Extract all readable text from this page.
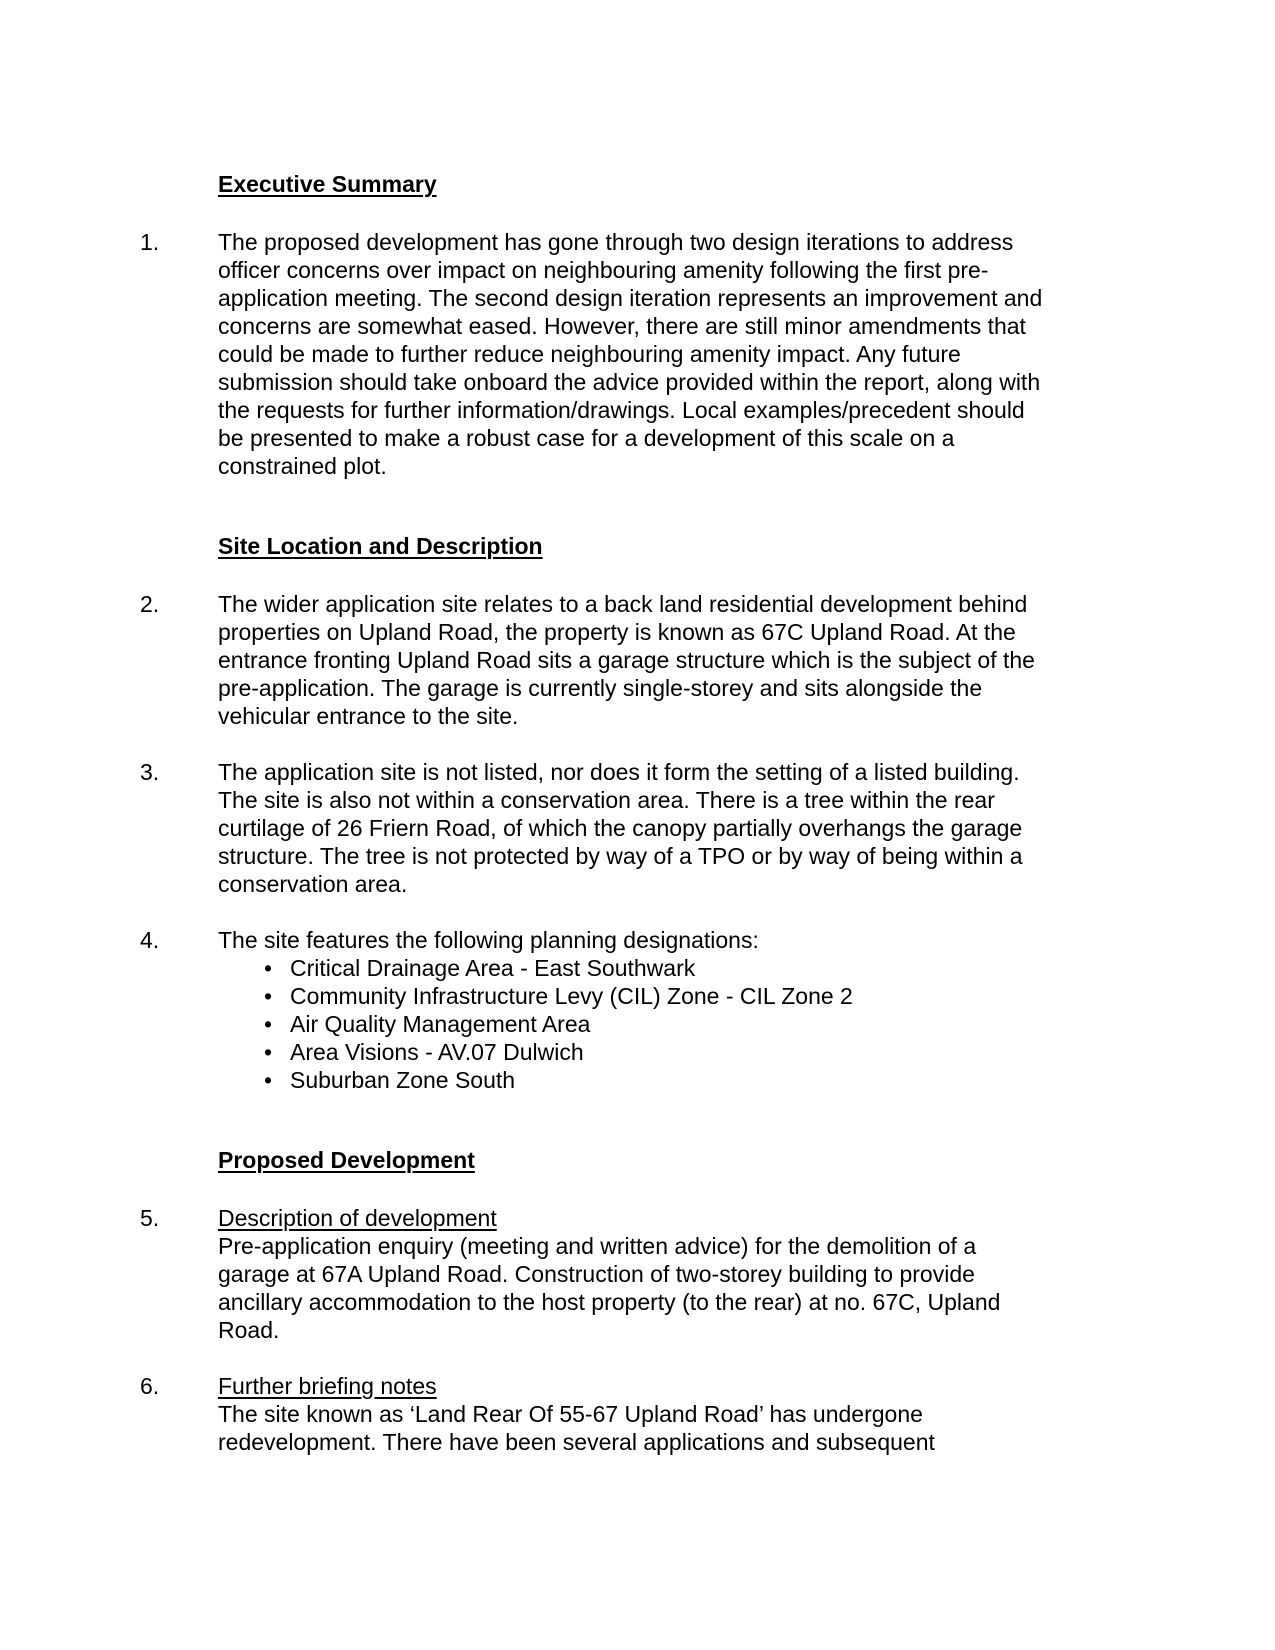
Executive Summary
1.	The proposed development has gone through two design iterations to address officer concerns over impact on neighbouring amenity following the first pre-application meeting. The second design iteration represents an improvement and concerns are somewhat eased. However, there are still minor amendments that could be made to further reduce neighbouring amenity impact. Any future submission should take onboard the advice provided within the report, along with the requests for further information/drawings. Local examples/precedent should be presented to make a robust case for a development of this scale on a constrained plot.
Site Location and Description
2.	The wider application site relates to a back land residential development behind properties on Upland Road, the property is known as 67C Upland Road. At the entrance fronting Upland Road sits a garage structure which is the subject of the pre-application. The garage is currently single-storey and sits alongside the vehicular entrance to the site.
3.	The application site is not listed, nor does it form the setting of a listed building. The site is also not within a conservation area. There is a tree within the rear curtilage of 26 Friern Road, of which the canopy partially overhangs the garage structure. The tree is not protected by way of a TPO or by way of being within a conservation area.
4.	The site features the following planning designations:
• Critical Drainage Area - East Southwark
• Community Infrastructure Levy (CIL) Zone - CIL Zone 2
• Air Quality Management Area
• Area Visions - AV.07 Dulwich
• Suburban Zone South
Proposed Development
5.	Description of development
Pre-application enquiry (meeting and written advice) for the demolition of a garage at 67A Upland Road. Construction of two-storey building to provide ancillary accommodation to the host property (to the rear) at no. 67C, Upland Road.
6.	Further briefing notes
The site known as ‘Land Rear Of 55-67 Upland Road’ has undergone redevelopment. There have been several applications and subsequent
